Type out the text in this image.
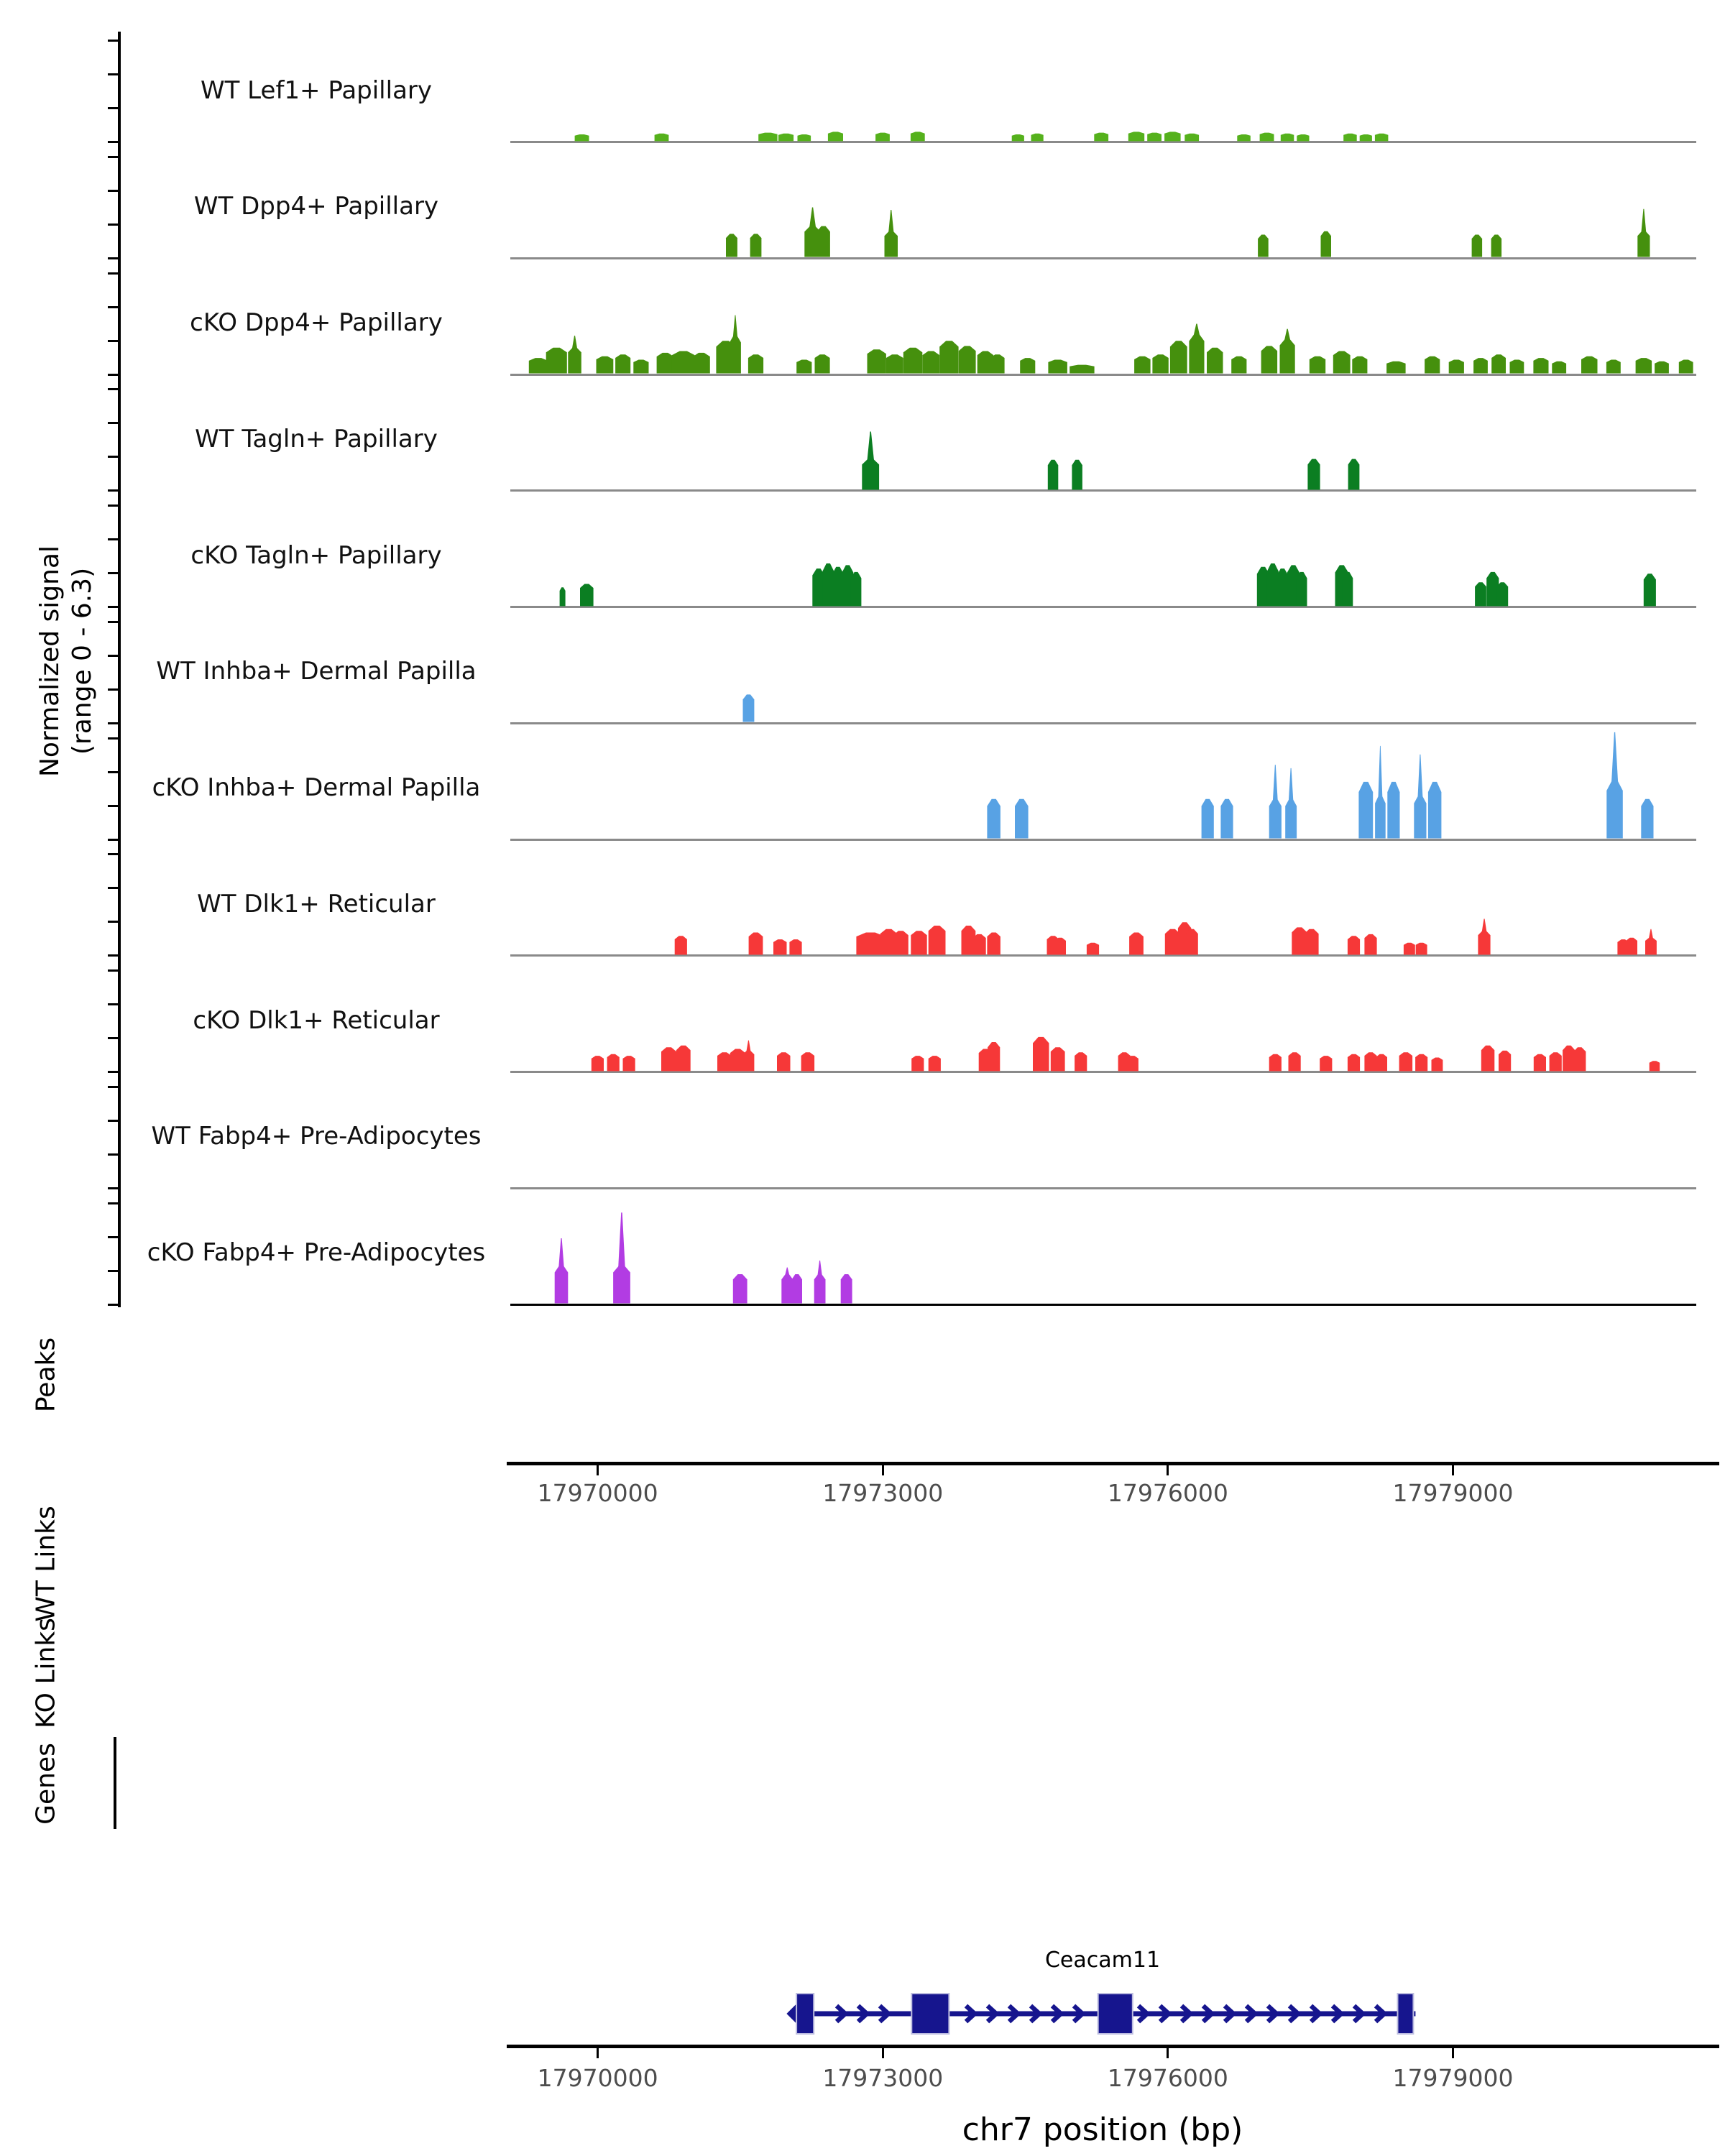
Normalized signal (range 0 - 6.3)
WT Lef1+ Papillary
WT Dpp4+ Papillary
cKO Dpp4+ Papillary
WT Tagln+ Papillary
cKO Tagln+ Papillary
WT Inhba+ Dermal Papilla
cKO Inhba+ Dermal Papilla
WT Dlk1+ Reticular
cKO Dlk1+ Reticular
WT Fabp4+ Pre-Adipocytes
cKO Fabp4+ Pre-Adipocytes
Peaks
WT Links
KO Links
Genes
17970000	17973000	17976000	17979000
Ceacam11
17970000	17973000	17976000	17979000
chr7 position (bp)
